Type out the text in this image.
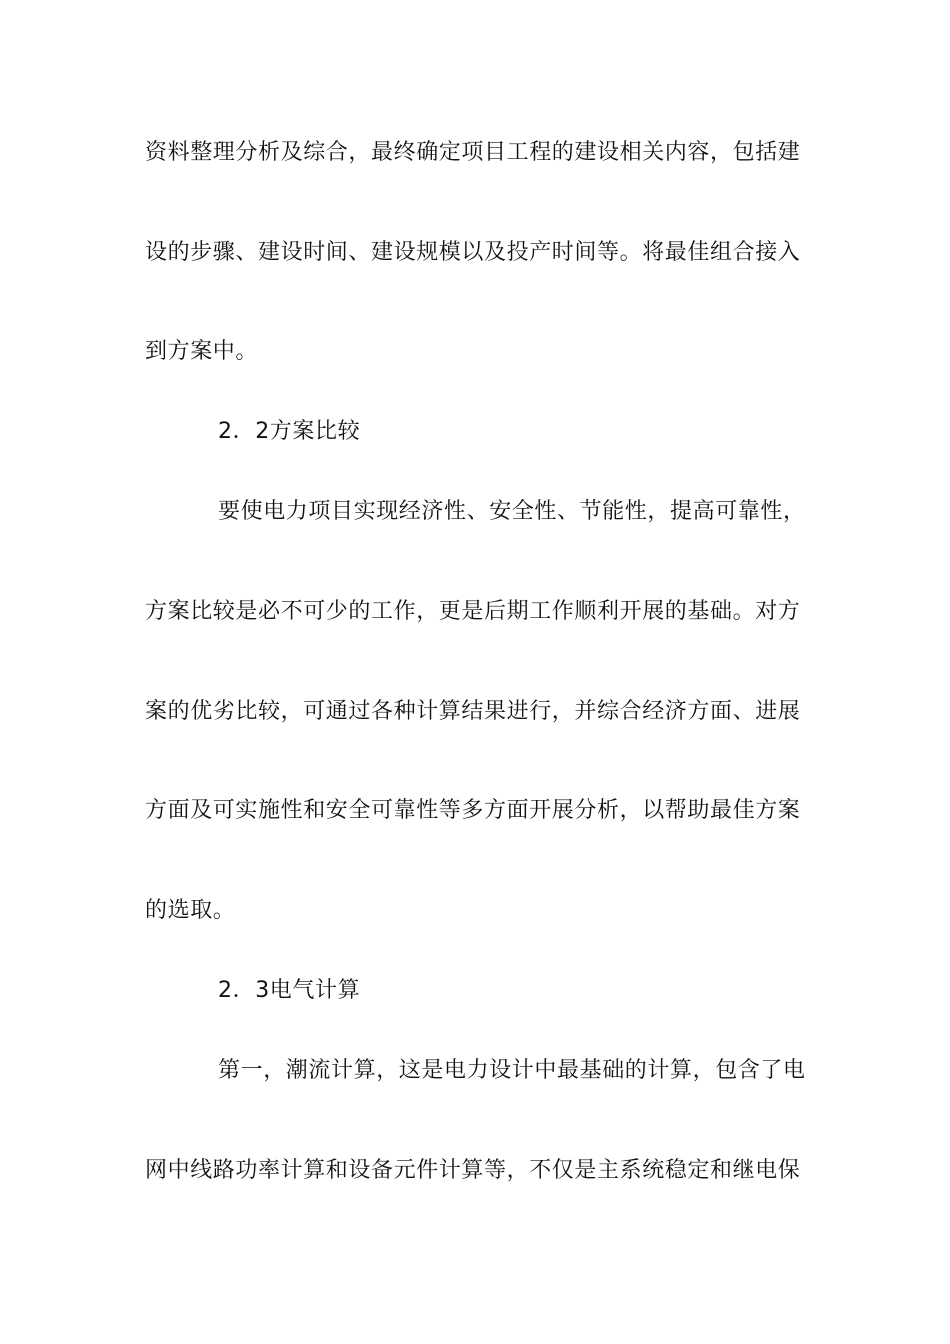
资料整理分析及综合，最终确定项目工程的建设相关内容，包括建
设的步骤、建设时间、建设规模以及投产时间等。将最佳组合接入
到方案中。
2．2方案比较
要使电力项目实现经济性、安全性、节能性，提高可靠性，
方案比较是必不可少的工作，更是后期工作顺利开展的基础。对方
案的优劣比较，可通过各种计算结果进行，并综合经济方面、进展
方面及可实施性和安全可靠性等多方面开展分析，以帮助最佳方案
的选取。
2．3电气计算
第一，潮流计算，这是电力设计中最基础的计算，包含了电
网中线路功率计算和设备元件计算等，不仅是主系统稳定和继电保
